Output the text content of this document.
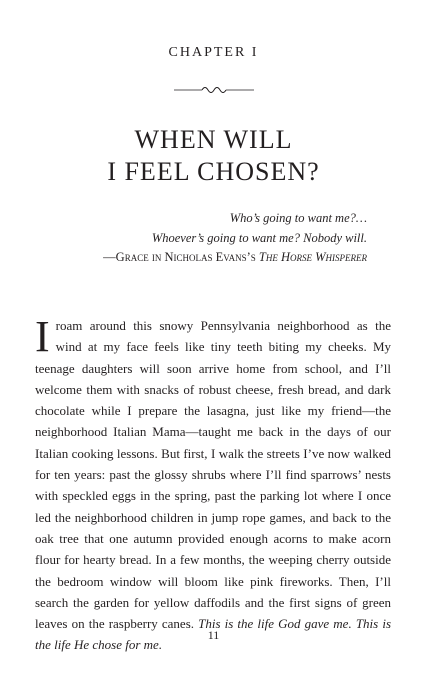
CHAPTER I
WHEN WILL
I FEEL CHOSEN?
Who’s going to want me?…
Whoever’s going to want me? Nobody will.
—Grace in Nicholas Evans’s The Horse Whisperer
I roam around this snowy Pennsylvania neighborhood as the wind at my face feels like tiny teeth biting my cheeks. My teenage daughters will soon arrive home from school, and I’ll welcome them with snacks of robust cheese, fresh bread, and dark chocolate while I prepare the lasagna, just like my friend—the neighborhood Italian Mama—taught me back in the days of our Italian cooking lessons. But first, I walk the streets I’ve now walked for ten years: past the glossy shrubs where I’ll find sparrows’ nests with speckled eggs in the spring, past the parking lot where I once led the neighborhood children in jump rope games, and back to the oak tree that one autumn provided enough acorns to make acorn flour for hearty bread. In a few months, the weeping cherry outside the bedroom window will bloom like pink fireworks. Then, I’ll search the garden for yellow daffodils and the first signs of green leaves on the raspberry canes. This is the life God gave me. This is the life He chose for me.
11
